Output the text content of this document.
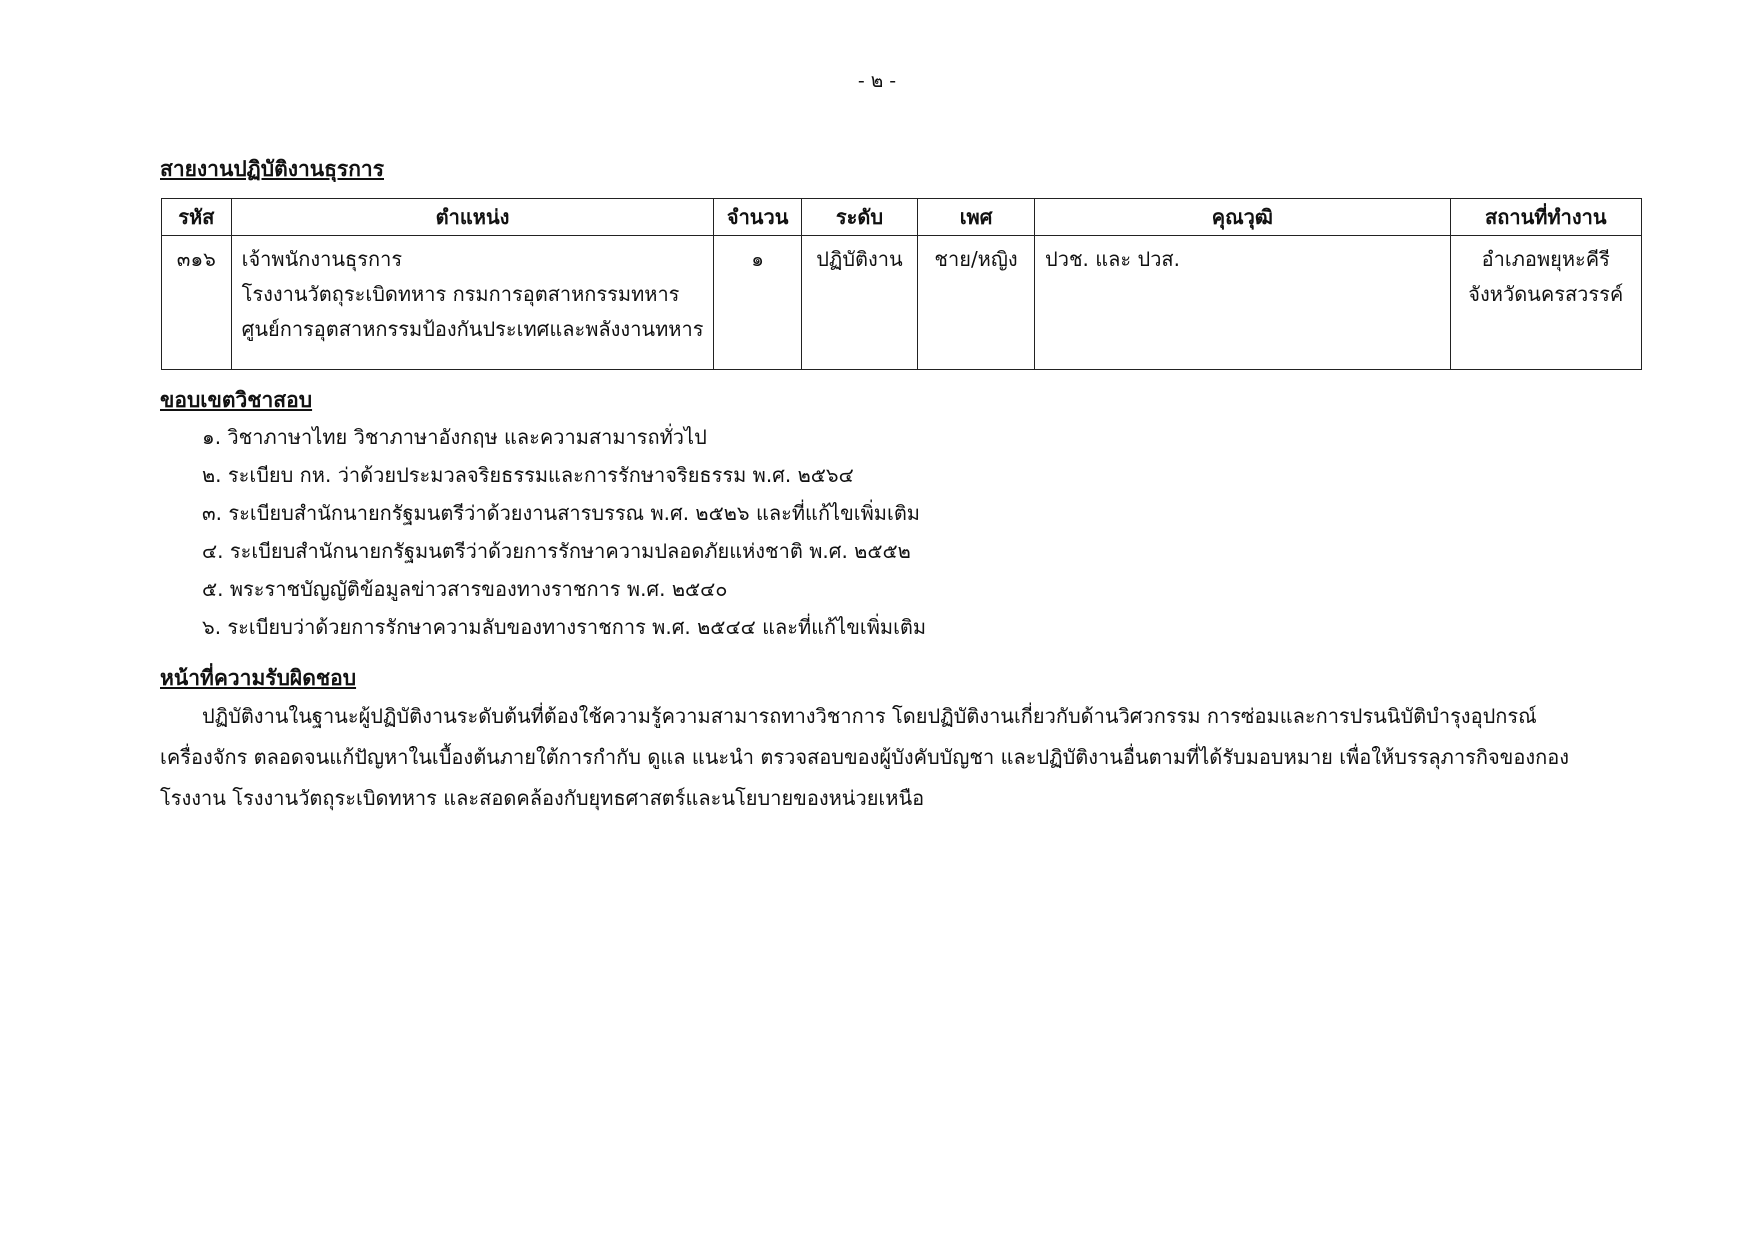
- ๒ -
สายงานปฏิบัติงานธุรการ
รหัส	ตำแหน่ง	จำนวน	ระดับ	เพศ	คุณวุฒิ	สถานที่ทำงาน
๓๑๖	เจ้าพนักงานธุรการ
โรงงานวัตถุระเบิดทหาร กรมการอุตสาหกรรมทหาร
ศูนย์การอุตสาหกรรมป้องกันประเทศและพลังงานทหาร	๑	ปฏิบัติงาน	ชาย/หญิง	ปวช. และ ปวส.	อำเภอพยุหะคีรี
จังหวัดนครสวรรค์
ขอบเขตวิชาสอบ
๑. วิชาภาษาไทย วิชาภาษาอังกฤษ และความสามารถทั่วไป
๒. ระเบียบ กห. ว่าด้วยประมวลจริยธรรมและการรักษาจริยธรรม พ.ศ. ๒๕๖๔
๓. ระเบียบสำนักนายกรัฐมนตรีว่าด้วยงานสารบรรณ พ.ศ. ๒๕๒๖ และที่แก้ไขเพิ่มเติม
๔. ระเบียบสำนักนายกรัฐมนตรีว่าด้วยการรักษาความปลอดภัยแห่งชาติ พ.ศ. ๒๕๕๒
๕. พระราชบัญญัติข้อมูลข่าวสารของทางราชการ พ.ศ. ๒๕๔๐
๖. ระเบียบว่าด้วยการรักษาความลับของทางราชการ พ.ศ. ๒๕๔๔ และที่แก้ไขเพิ่มเติม
หน้าที่ความรับผิดชอบ

ปฏิบัติงานในฐานะผู้ปฏิบัติงานระดับต้นที่ต้องใช้ความรู้ความสามารถทางวิชาการ โดยปฏิบัติงานเกี่ยวกับด้านวิศวกรรม การซ่อมและการปรนนิบัติบำรุงอุปกรณ์ เครื่องจักร ตลอดจนแก้ปัญหาในเบื้องต้นภายใต้การกำกับ ดูแล แนะนำ ตรวจสอบของผู้บังคับบัญชา และปฏิบัติงานอื่นตามที่ได้รับมอบหมาย เพื่อให้บรรลุภารกิจของกองโรงงาน โรงงานวัตถุระเบิดทหาร และสอดคล้องกับยุทธศาสตร์และนโยบายของหน่วยเหนือ
